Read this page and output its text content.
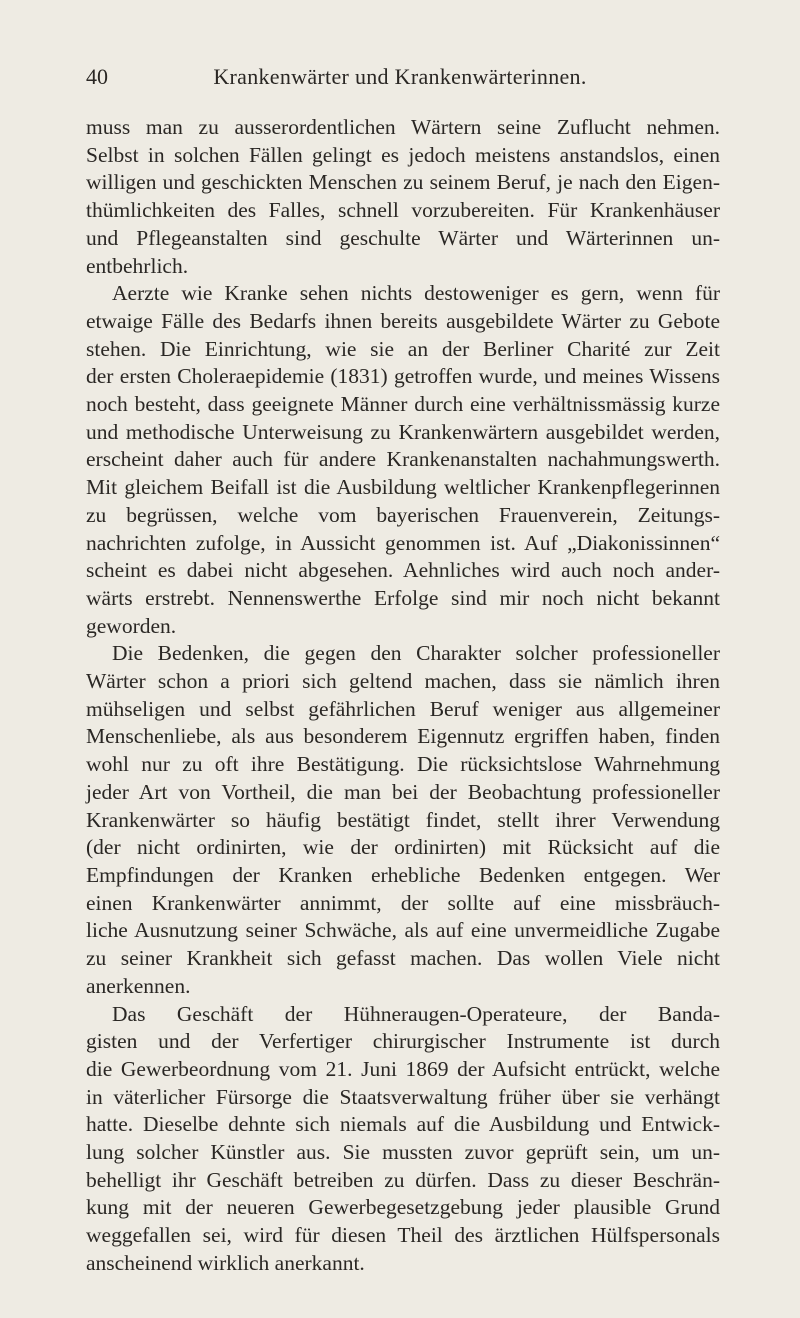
40	Krankenwärter und Krankenwärterinnen.
muss man zu ausserordentlichen Wärtern seine Zuflucht nehmen.
Selbst in solchen Fällen gelingt es jedoch meistens anstandslos, einen
willigen und geschickten Menschen zu seinem Beruf, je nach den Eigen-
thümlichkeiten des Falles, schnell vorzubereiten. Für Krankenhäuser
und Pflegeanstalten sind geschulte Wärter und Wärterinnen un-
entbehrlich.
Aerzte wie Kranke sehen nichts destoweniger es gern, wenn für
etwaige Fälle des Bedarfs ihnen bereits ausgebildete Wärter zu Gebote
stehen. Die Einrichtung, wie sie an der Berliner Charité zur Zeit
der ersten Choleraepidemie (1831) getroffen wurde, und meines Wissens
noch besteht, dass geeignete Männer durch eine verhältnissmässig kurze
und methodische Unterweisung zu Krankenwärtern ausgebildet werden,
erscheint daher auch für andere Krankenanstalten nachahmungswerth.
Mit gleichem Beifall ist die Ausbildung weltlicher Krankenpflegerinnen
zu begrüssen, welche vom bayerischen Frauenverein, Zeitungs-
nachrichten zufolge, in Aussicht genommen ist. Auf „Diakonissinnen“
scheint es dabei nicht abgesehen. Aehnliches wird auch noch ander-
wärts erstrebt. Nennenswerthe Erfolge sind mir noch nicht bekannt
geworden.
Die Bedenken, die gegen den Charakter solcher professioneller
Wärter schon a priori sich geltend machen, dass sie nämlich ihren
mühseligen und selbst gefährlichen Beruf weniger aus allgemeiner
Menschenliebe, als aus besonderem Eigennutz ergriffen haben, finden
wohl nur zu oft ihre Bestätigung. Die rücksichtslose Wahrnehmung
jeder Art von Vortheil, die man bei der Beobachtung professioneller
Krankenwärter so häufig bestätigt findet, stellt ihrer Verwendung
(der nicht ordinirten, wie der ordinirten) mit Rücksicht auf die
Empfindungen der Kranken erhebliche Bedenken entgegen. Wer
einen Krankenwärter annimmt, der sollte auf eine missbräuch-
liche Ausnutzung seiner Schwäche, als auf eine unvermeidliche Zugabe
zu seiner Krankheit sich gefasst machen. Das wollen Viele nicht
anerkennen.
Das Geschäft der Hühneraugen-Operateure, der Banda-
gisten und der Verfertiger chirurgischer Instrumente ist durch
die Gewerbeordnung vom 21. Juni 1869 der Aufsicht entrückt, welche
in väterlicher Fürsorge die Staatsverwaltung früher über sie verhängt
hatte. Dieselbe dehnte sich niemals auf die Ausbildung und Entwick-
lung solcher Künstler aus. Sie mussten zuvor geprüft sein, um un-
behelligt ihr Geschäft betreiben zu dürfen. Dass zu dieser Beschrän-
kung mit der neueren Gewerbegesetzgebung jeder plausible Grund
weggefallen sei, wird für diesen Theil des ärztlichen Hülfspersonals
anscheinend wirklich anerkannt.
